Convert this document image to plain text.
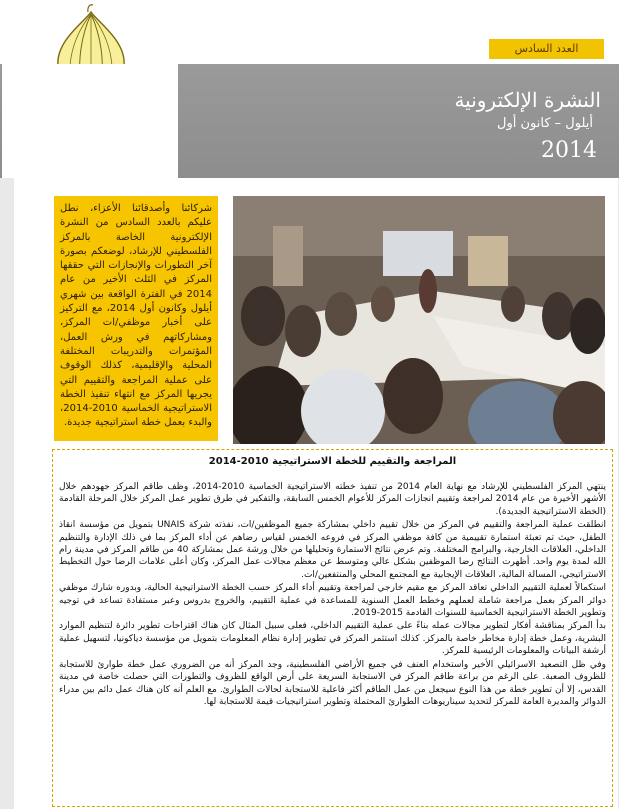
العدد السادس
النشرة الإلكترونية
أيلول – كانون أول
2014
شركائنا وأصدقائنا الأعزاء، نطل عليكم بالعدد السادس من النشرة الإلكترونية الخاصة بالمركز الفلسطيني للإرشاد، لوضعكم بصورة آخر التطورات والإنجازات التي حققها المركز في الثلث الأخير من عام 2014 في الفترة الواقعة بين شهري أيلول وكانون أول 2014، مع التركيز على أخبار موظفي/ات المركز، ومشاركاتهم في ورش العمل، المؤتمرات والتدريبات المختلفة المحلية والإقليمية، كذلك الوقوف على عملية المراجعة والتقييم التي يجريها المركز مع انتهاء تنفيذ الخطة الاستراتيجية الخماسية 2010-2014، والبدء بعمل خطة استراتيجية جديدة.
المراجعة والتقييم للخطة الاستراتيجية 2010-2014

ينتهي المركز الفلسطيني للإرشاد مع نهاية العام 2014 من تنفيذ خطته الاستراتيجية الخماسية 2010-2014، وظف طاقم المركز جهودهم خلال الأشهر الأخيرة من عام 2014 لمراجعة وتقييم انجازات المركز للأعوام الخمس السابقة، والتفكير في طرق تطوير عمل المركز خلال المرحلة القادمة (الخطة الاستراتيجية الجديدة).

انطلقت عملية المراجعة والتقييم في المركز من خلال تقييم داخلي بمشاركة جميع الموظفين/ات، نفذته شركة UNAIS بتمويل من مؤسسة انقاذ الطفل، حيث تم تعبئة استمارة تقييمية من كافة موظفي المركز في فروعه الخمس لقياس رضاهم عن أداء المركز بما في ذلك الإدارة والتنظيم الداخلي، العلاقات الخارجية، والبرامج المختلفة. وتم عرض نتائج الاستمارة وتحليلها من خلال ورشة عمل بمشاركة 40 من طاقم المركز في مدينة رام الله لمدة يوم واحد. أظهرت النتائج رضا الموظفين بشكل عالي ومتوسط عن معظم مجالات عمل المركز، وكان أعلى علامات الرضا حول التخطيط الاستراتيجي، المسالة المالية، العلاقات الإيجابية مع المجتمع المحلي والمنتفعين/ات.

استكمالاً لعملية التقييم الداخلي تعاقد المركز مع مقيم خارجي لمراجعة وتقييم أداء المركز حسب الخطة الاستراتيجية الحالية، وبدوره شارك موظفي دوائر المركز بعمل مراجعة شاملة لعملهم وخطط العمل السنوية للمساعدة في عملية التقييم، والخروج بدروس وعبر مستفادة تساعد في توجيه وتطوير الخطة الاستراتيجية الخماسية للسنوات القادمة 2015-2019.

بدأ المركز بمناقشة أفكار لتطوير مجالات عمله بناءً على عملية التقييم الداخلي، فعلى سبيل المثال كان هناك اقتراحات تطوير دائرة لتنظيم الموارد البشرية، وعمل خطة إدارة مخاطر خاصة بالمركز. كذلك استثمر المركز في تطوير إدارة نظام المعلومات بتمويل من مؤسسة دياكونيا، لتسهيل عملية أرشفة البيانات والمعلومات الرئيسية للمركز.

وفي ظل التصعيد الاسرائيلي الأخير واستخدام العنف في جميع الأراضي الفلسطينية، وجد المركز أنه من الضروري عمل خطة طوارئ للاستجابة للظروف الصعبة. على الرغم من براعة طاقم المركز في الاستجابة السريعة على أرض الواقع للظروف والتطورات التي حصلت خاصة في مدينة القدس، إلا أن تطوير خطة من هذا النوع سيجعل من عمل الطاقم أكثر فاعلية للاستجابة لحالات الطوارئ. مع العلم أنه كان هناك عمل دائم بين مدراء الدوائر والمديرة العامة للمركز لتحديد سيناريوهات الطوارئ المحتملة وتطوير استراتيجيات قيمة للاستجابة لها.
